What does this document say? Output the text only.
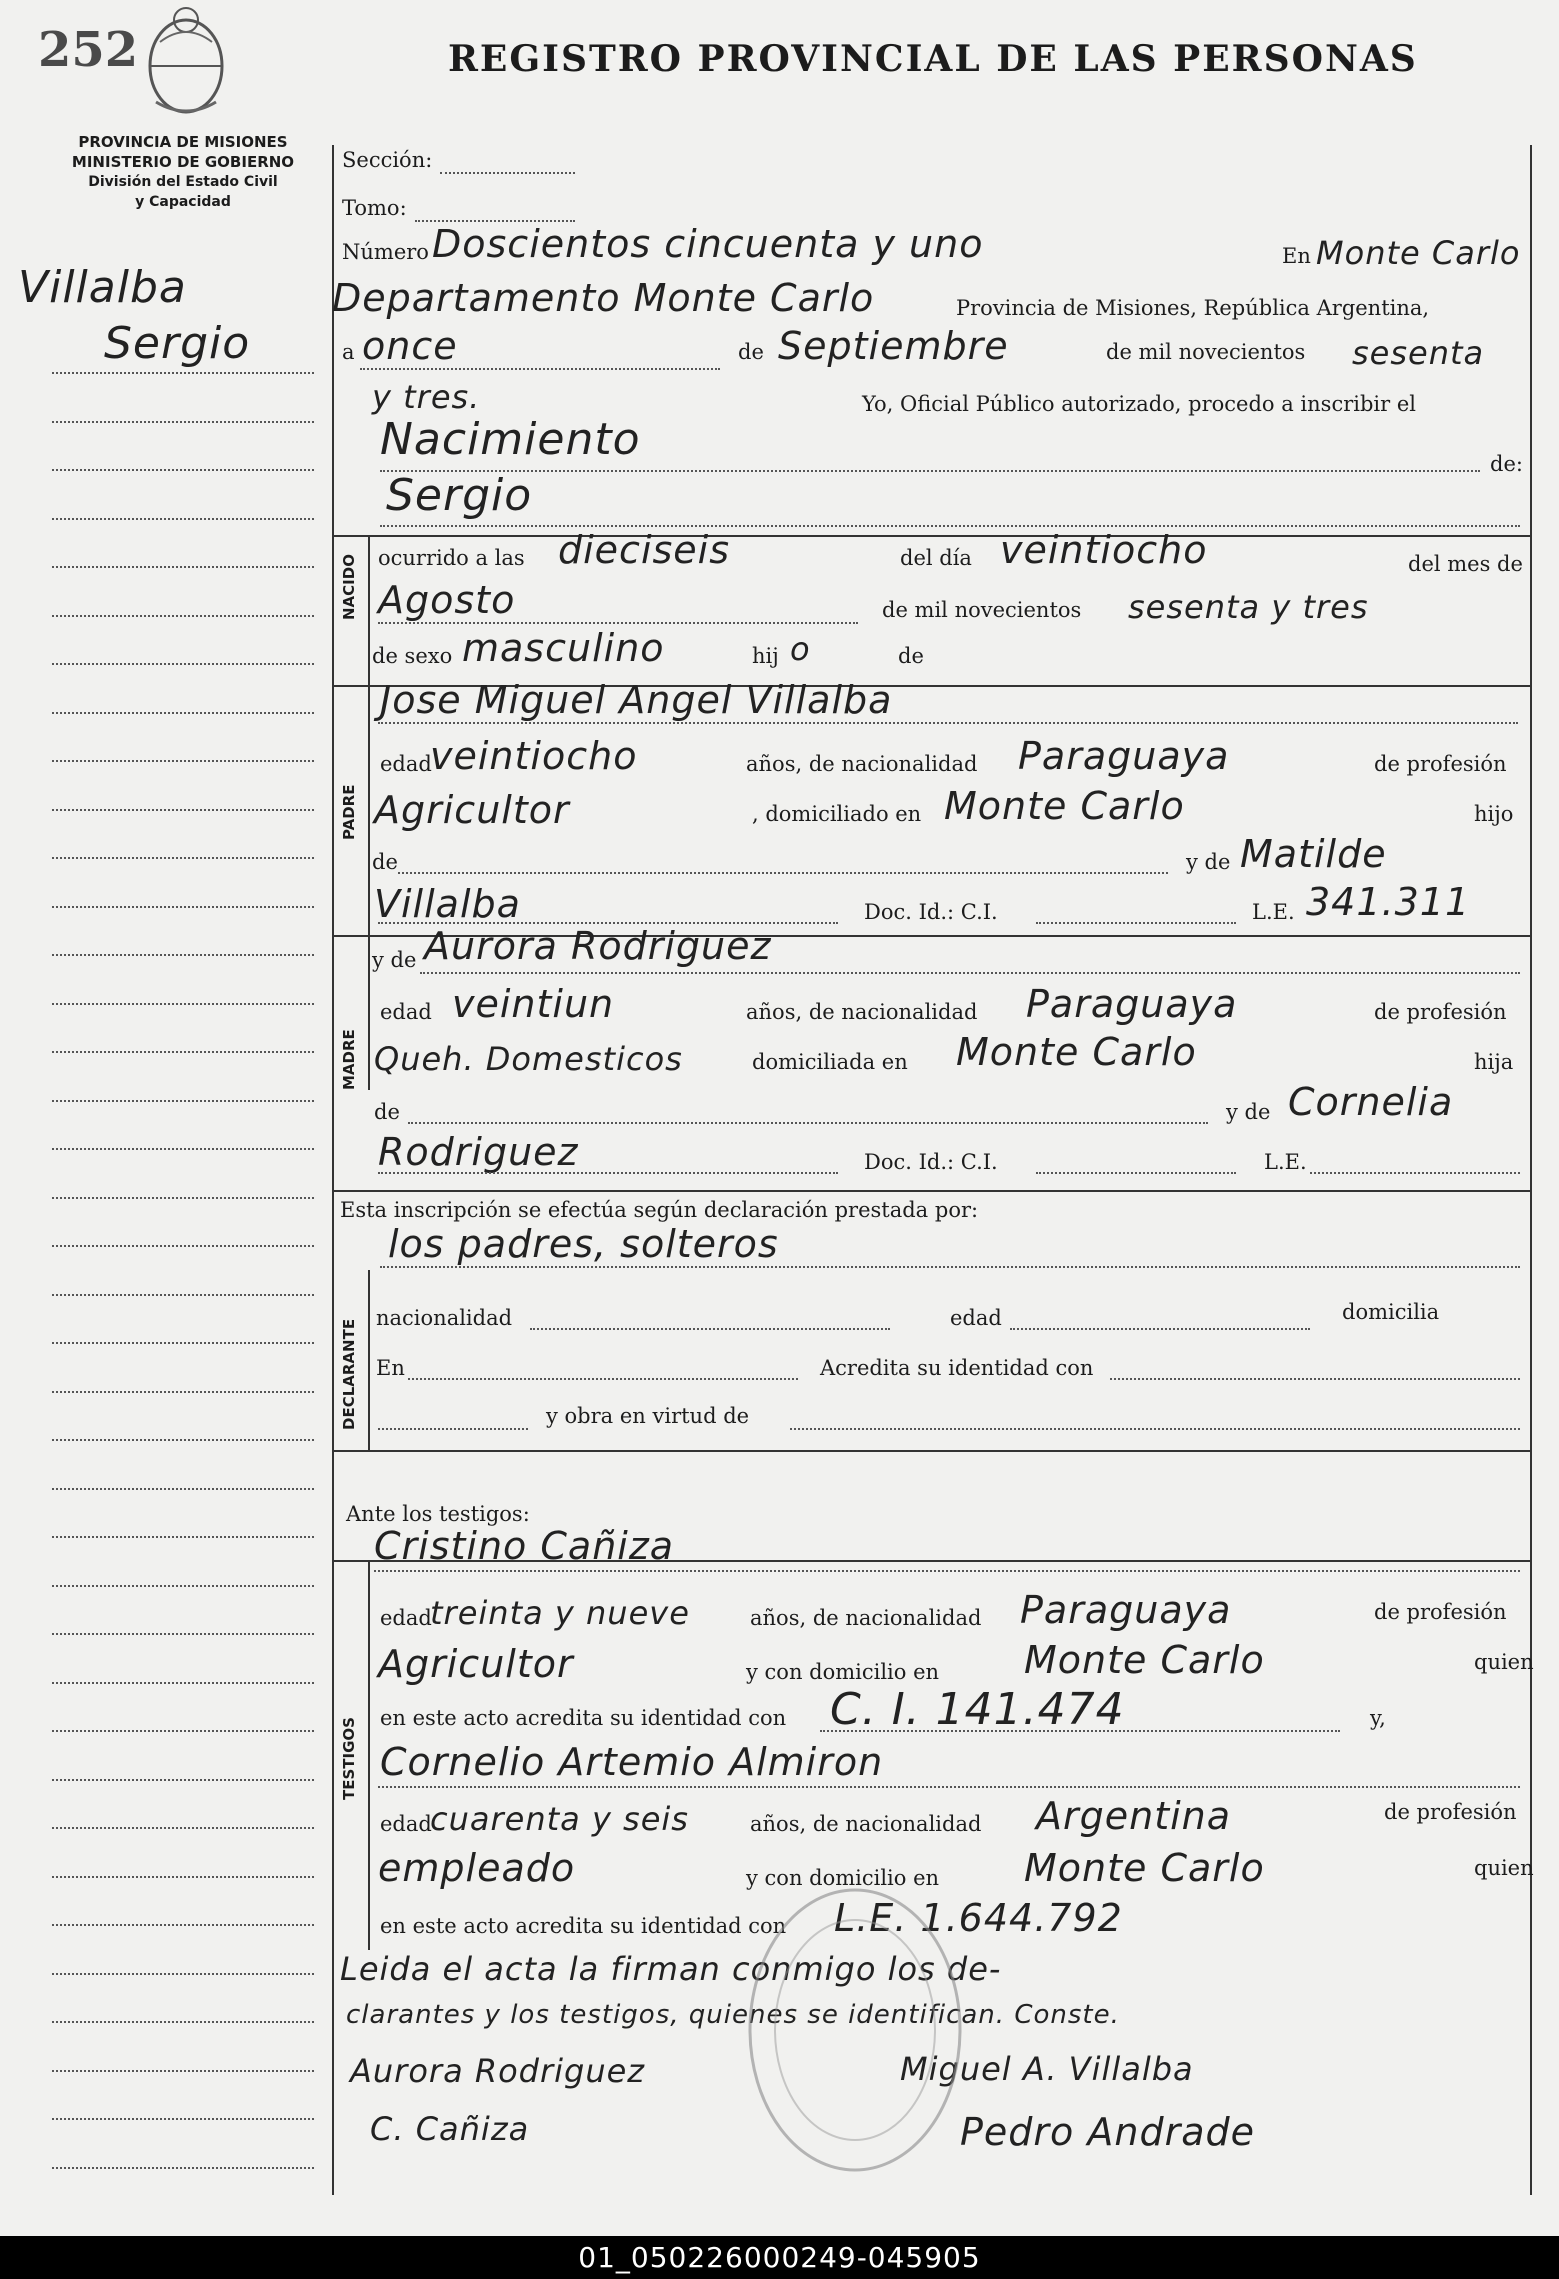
252	REGISTRO PROVINCIAL DE LAS PERSONAS
PROVINCIA DE MISIONES
MINISTERIO DE GOBIERNO
División del Estado Civil
y Capacidad
Villalba
Sergio
NACIDO
PADRE
MADRE
DECLARANTE
TESTIGOS
Sección:
Tomo:
Número Doscientos cincuenta y uno	En Monte Carlo
Departamento Monte Carlo	Provincia de Misiones, República Argentina,
a once	de Septiembre	de mil novecientos sesenta
y tres.	Yo, Oficial Público autorizado, procedo a inscribir el
Nacimiento	de:
Sergio
ocurrido a las dieciseis	del día veintiocho	del mes de
Agosto	de mil novecientos sesenta y tres
de sexo masculino	hij o	de
Jose Miguel Angel Villalba
edad
veintiocho	años, de nacionalidad Paraguaya	de profesión
Agricultor	, domiciliado en Monte Carlo	hijo
de	y de Matilde
Villalba	Doc. Id.: C.I.	L.E. 341.311
y de Aurora Rodriguez
edad veintiun	años, de nacionalidad Paraguaya	de profesión
Queh. Domesticos	domiciliada en Monte Carlo	hija
de	y de Cornelia
Rodriguez	Doc. Id.: C.I.	L.E.
Esta inscripción se efectúa según declaración prestada por:
los padres, solteros
nacionalidad	edad	domicilia
En	Acredita su identidad con
y obra en virtud de
Ante los testigos:
Cristino Cañiza
edad
treinta y nueve	años, de nacionalidad Paraguaya	de profesión
Agricultor	y con domicilio en Monte Carlo	quien
en este acto acredita su identidad con C. I. 141.474	y,
Cornelio Artemio Almiron
edad
cuarenta y seis	años, de nacionalidad Argentina	de profesión
empleado	y con domicilio en Monte Carlo	quien
en este acto acredita su identidad con L.E. 1.644.792
Leida el acta la firman conmigo los de-
clarantes y los testigos, quienes se identifican. Conste.
Aurora Rodriguez	Miguel A. Villalba
C. Cañiza	Pedro Andrade
01_050226000249-045905
